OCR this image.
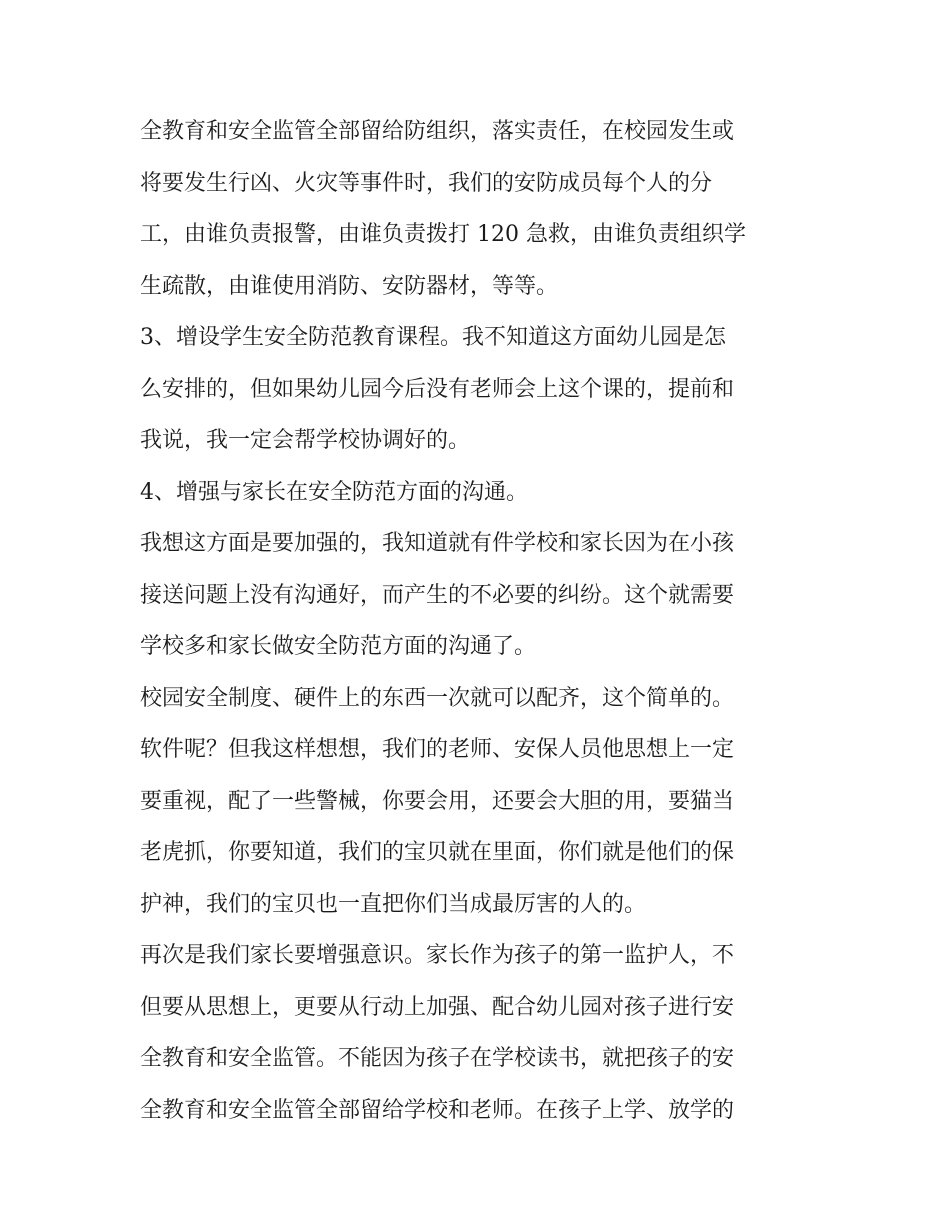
全教育和安全监管全部留给防组织，落实责任，在校园发生或
将要发生行凶、火灾等事件时，我们的安防成员每个人的分
工，由谁负责报警，由谁负责拨打 120 急救，由谁负责组织学
生疏散，由谁使用消防、安防器材，等等。
3、增设学生安全防范教育课程。我不知道这方面幼儿园是怎
么安排的，但如果幼儿园今后没有老师会上这个课的，提前和
我说，我一定会帮学校协调好的。
4、增强与家长在安全防范方面的沟通。
我想这方面是要加强的，我知道就有件学校和家长因为在小孩
接送问题上没有沟通好，而产生的不必要的纠纷。这个就需要
学校多和家长做安全防范方面的沟通了。
校园安全制度、硬件上的东西一次就可以配齐，这个简单的。
软件呢？但我这样想想，我们的老师、安保人员他思想上一定
要重视，配了一些警械，你要会用，还要会大胆的用，要猫当
老虎抓，你要知道，我们的宝贝就在里面，你们就是他们的保
护神，我们的宝贝也一直把你们当成最厉害的人的。
再次是我们家长要增强意识。家长作为孩子的第一监护人，不
但要从思想上，更要从行动上加强、配合幼儿园对孩子进行安
全教育和安全监管。不能因为孩子在学校读书，就把孩子的安
全教育和安全监管全部留给学校和老师。在孩子上学、放学的
